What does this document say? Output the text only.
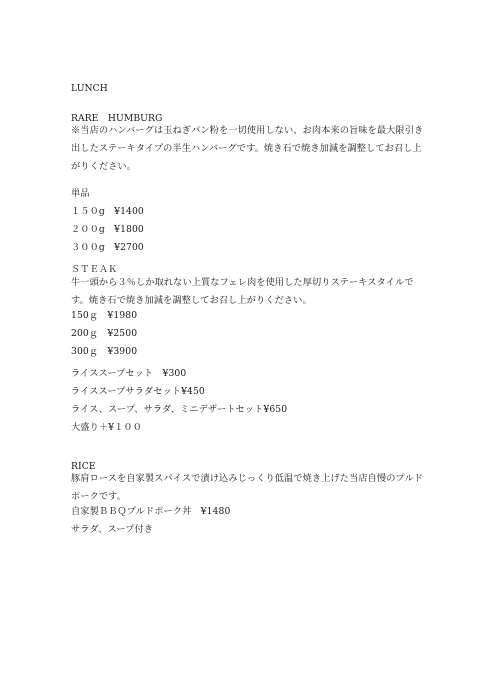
LUNCH
RARE　HUMBURG
※当店のハンバーグは玉ねぎパン粉を一切使用しない、お肉本来の旨味を最大限引き出したステーキタイプの半生ハンバーグです。焼き石で焼き加減を調整してお召し上がりください。
単品
１５０g　¥1400
２００g　¥1800
３００g　¥2700
ＳＴＥＡＫ
牛一頭から３％しか取れない上質なフェレ肉を使用した厚切りステーキスタイルです。焼き石で焼き加減を調整してお召し上がりください。
150ｇ　¥1980
200ｇ　¥2500
300ｇ　¥3900
ライススープセット　¥300
ライススープサラダセット¥450
ライス、スープ、サラダ、ミニデザートセット¥650
大盛り＋¥１００
RICE
豚肩ロースを自家製スパイスで漬け込みじっくり低温で焼き上げた当店自慢のプルドポークです。
自家製ＢＢＱプルドポーク丼　¥1480
サラダ、スープ付き
